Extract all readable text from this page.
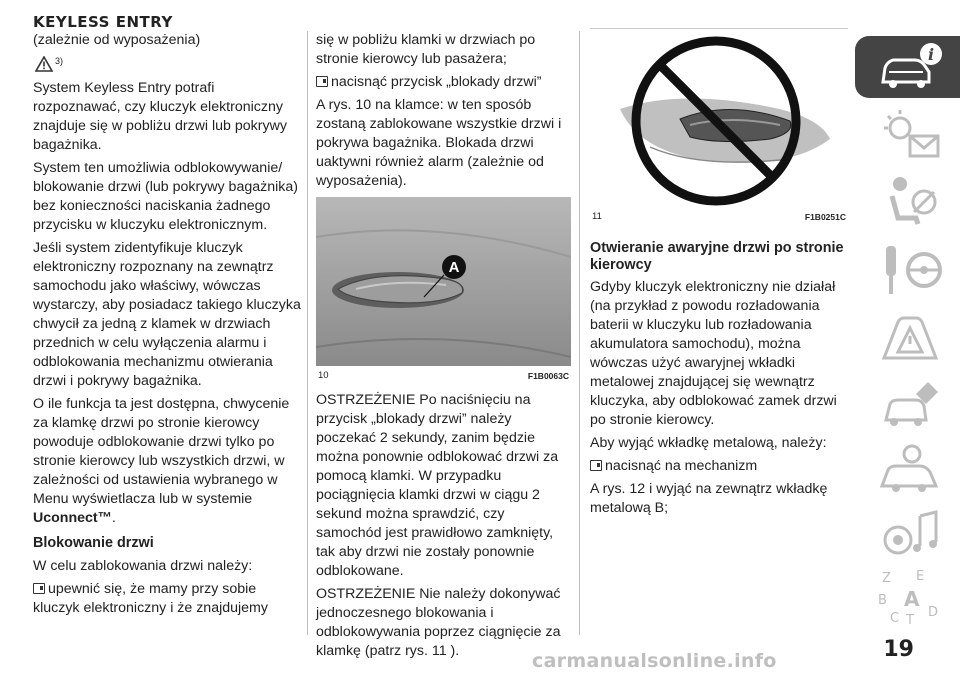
KEYLESS ENTRY
(zależnie od wyposażenia)
3)

System Keyless Entry potrafi rozpoznawać, czy kluczyk elektroniczny znajduje się w pobliżu drzwi lub pokrywy bagażnika.

System ten umożliwia odblokowywanie/ blokowanie drzwi (lub pokrywy bagażnika) bez konieczności naciskania żadnego przycisku w kluczyku elektronicznym.

Jeśli system zidentyfikuje kluczyk elektroniczny rozpoznany na zewnątrz samochodu jako właściwy, wówczas wystarczy, aby posiadacz takiego kluczyka chwycił za jedną z klamek w drzwiach przednich w celu wyłączenia alarmu i odblokowania mechanizmu otwierania drzwi i pokrywy bagażnika.

O ile funkcja ta jest dostępna, chwycenie za klamkę drzwi po stronie kierowcy powoduje odblokowanie drzwi tylko po stronie kierowcy lub wszystkich drzwi, w zależności od ustawienia wybranego w Menu wyświetlacza lub w systemie Uconnect™.

Blokowanie drzwi

W celu zablokowania drzwi należy:

upewnić się, że mamy przy sobie kluczyk elektroniczny i że znajdujemy

się w pobliżu klamki w drzwiach po stronie kierowcy lub pasażera;

nacisnąć przycisk „blokady drzwi”

A rys. 10 na klamce: w ten sposób zostaną zablokowane wszystkie drzwi i pokrywa bagażnika. Blokada drzwi uaktywni również alarm (zależnie od wyposażenia).

A
10	F1B0063C

OSTRZEŻENIE Po naciśnięciu na przycisk „blokady drzwi” należy poczekać 2 sekundy, zanim będzie można ponownie odblokować drzwi za pomocą klamki. W przypadku pociągnięcia klamki drzwi w ciągu 2 sekund można sprawdzić, czy samochód jest prawidłowo zamknięty, tak aby drzwi nie zostały ponownie odblokowane.

OSTRZEŻENIE Nie należy dokonywać jednoczesnego blokowania i odblokowywania poprzez ciągnięcie za klamkę (patrz rys. 11 ).

11	F1B0251C
Otwieranie awaryjne drzwi po stronie kierowcy

Gdyby kluczyk elektroniczny nie działał (na przykład z powodu rozładowania baterii w kluczyku lub rozładowania akumulatora samochodu), można wówczas użyć awaryjnej wkładki metalowej znajdującej się wewnątrz kluczyka, aby odblokować zamek drzwi po stronie kierowcy.

Aby wyjąć wkładkę metalową, należy:

nacisnąć na mechanizm

A rys. 12 i wyjąć na zewnątrz wkładkę metalową B;

i
Z E
B A
C T
D
19
carmanualsonline.info
